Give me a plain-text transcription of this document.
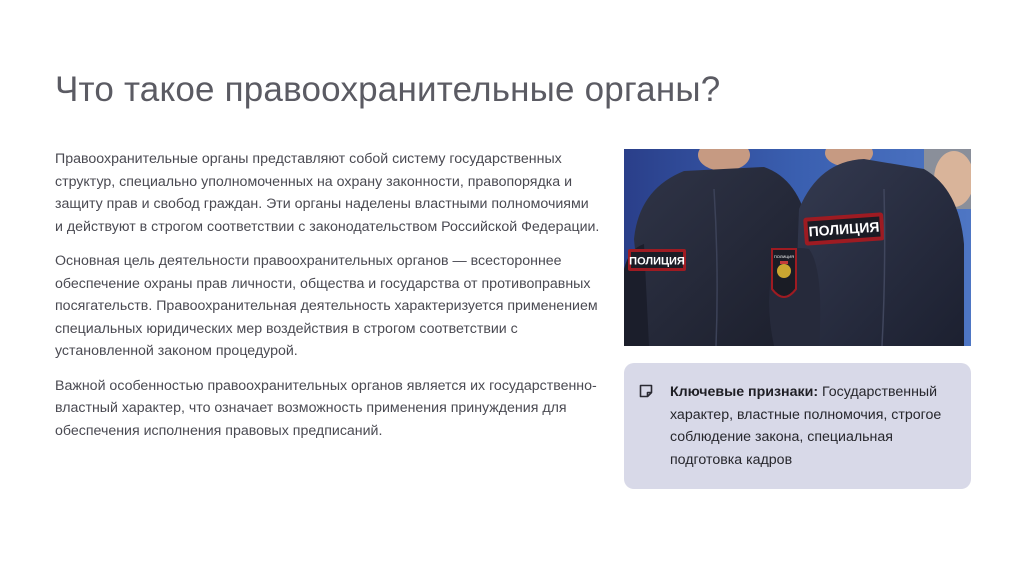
Что такое правоохранительные органы?

Правоохранительные органы представляют собой систему государственных структур, специально уполномоченных на охрану законности, правопорядка и защиту прав и свобод граждан. Эти органы наделены властными полномочиями и действуют в строгом соответствии с законодательством Российской Федерации.

Основная цель деятельности правоохранительных органов — всестороннее обеспечение охраны прав личности, общества и государства от противоправных посягательств. Правоохранительная деятельность характеризуется применением специальных юридических мер воздействия в строгом соответствии с установленной законом процедурой.

Важной особенностью правоохранительных органов является их государственно-властный характер, что означает возможность применения принуждения для обеспечения исполнения правовых предписаний.

ПОЛИЦИЯ
ПОЛИЦИЯ
ПОЛИЦИЯ
Ключевые признаки: Государственный характер, властные полномочия, строгое соблюдение закона, специальная подготовка кадров
